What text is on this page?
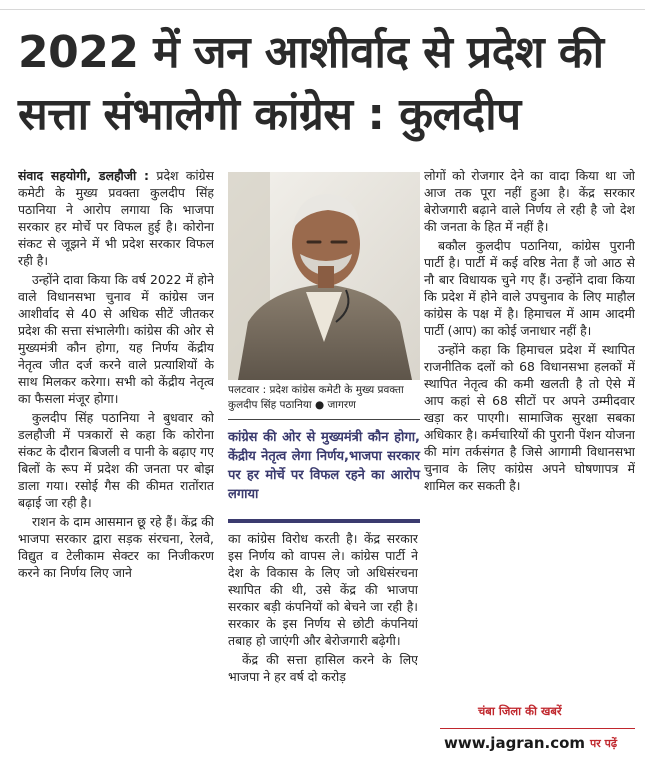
2022 में जन आशीर्वाद से प्रदेश की
सत्ता संभालेगी कांग्रेस : कुलदीप

संवाद सहयोगी, डलहौजी : प्रदेश कांग्रेस कमेटी के मुख्य प्रवक्ता कुलदीप सिंह पठानिया ने आरोप लगाया कि भाजपा सरकार हर मोर्चे पर विफल हुई है। कोरोना संकट से जूझने में भी प्रदेश सरकार विफल रही है।

उन्होंने दावा किया कि वर्ष 2022 में होने वाले विधानसभा चुनाव में कांग्रेस जन आशीर्वाद से 40 से अधिक सीटें जीतकर प्रदेश की सत्ता संभालेगी। कांग्रेस की ओर से मुख्यमंत्री कौन होगा, यह निर्णय केंद्रीय नेतृत्व जीत दर्ज करने वाले प्रत्याशियों के साथ मिलकर करेगा। सभी को केंद्रीय नेतृत्व का फैसला मंजूर होगा।

कुलदीप सिंह पठानिया ने बुधवार को डलहौजी में पत्रकारों से कहा कि कोरोना संकट के दौरान बिजली व पानी के बढ़ाए गए बिलों के रूप में प्रदेश की जनता पर बोझ डाला गया। रसोई गैस की कीमत रातोंरात बढ़ाई जा रही है।

राशन के दाम आसमान छू रहे हैं। केंद्र की भाजपा सरकार द्वारा सड़क संरचना, रेलवे, विद्युत व टेलीकाम सेक्टर का निजीकरण करने का निर्णय लिए जाने

पलटवार : प्रदेश कांग्रेस कमेटी के मुख्य प्रवक्ता कुलदीप सिंह पठानिया ● जागरण

कांग्रेस की ओर से मुख्यमंत्री कौन होगा, केंद्रीय नेतृत्व लेगा निर्णय,भाजपा सरकार पर हर मोर्चे पर विफल रहने का आरोप लगाया

का कांग्रेस विरोध करती है। केंद्र सरकार इस निर्णय को वापस ले। कांग्रेस पार्टी ने देश के विकास के लिए जो अधिसंरचना स्थापित की थी, उसे केंद्र की भाजपा सरकार बड़ी कंपनियों को बेचने जा रही है। सरकार के इस निर्णय से छोटी कंपनियां तबाह हो जाएंगी और बेरोजगारी बढ़ेगी।

केंद्र की सत्ता हासिल करने के लिए भाजपा ने हर वर्ष दो करोड़

लोगों को रोजगार देने का वादा किया था जो आज तक पूरा नहीं हुआ है। केंद्र सरकार बेरोजगारी बढ़ाने वाले निर्णय ले रही है जो देश की जनता के हित में नहीं है।

बकौल कुलदीप पठानिया, कांग्रेस पुरानी पार्टी है। पार्टी में कई वरिष्ठ नेता हैं जो आठ से नौ बार विधायक चुने गए हैं। उन्होंने दावा किया कि प्रदेश में होने वाले उपचुनाव के लिए माहौल कांग्रेस के पक्ष में है। हिमाचल में आम आदमी पार्टी (आप) का कोई जनाधार नहीं है।

उन्होंने कहा कि हिमाचल प्रदेश में स्थापित राजनीतिक दलों को 68 विधानसभा हलकों में स्थापित नेतृत्व की कमी खलती है तो ऐसे में आप कहां से 68 सीटों पर अपने उम्मीदवार खड़ा कर पाएगी। सामाजिक सुरक्षा सबका अधिकार है। कर्मचारियों की पुरानी पेंशन योजना की मांग तर्कसंगत है जिसे आगामी विधानसभा चुनाव के लिए कांग्रेस अपने घोषणापत्र में शामिल कर सकती है।

चंबा जिला की खबरें
www.jagran.com पर पढ़ें
